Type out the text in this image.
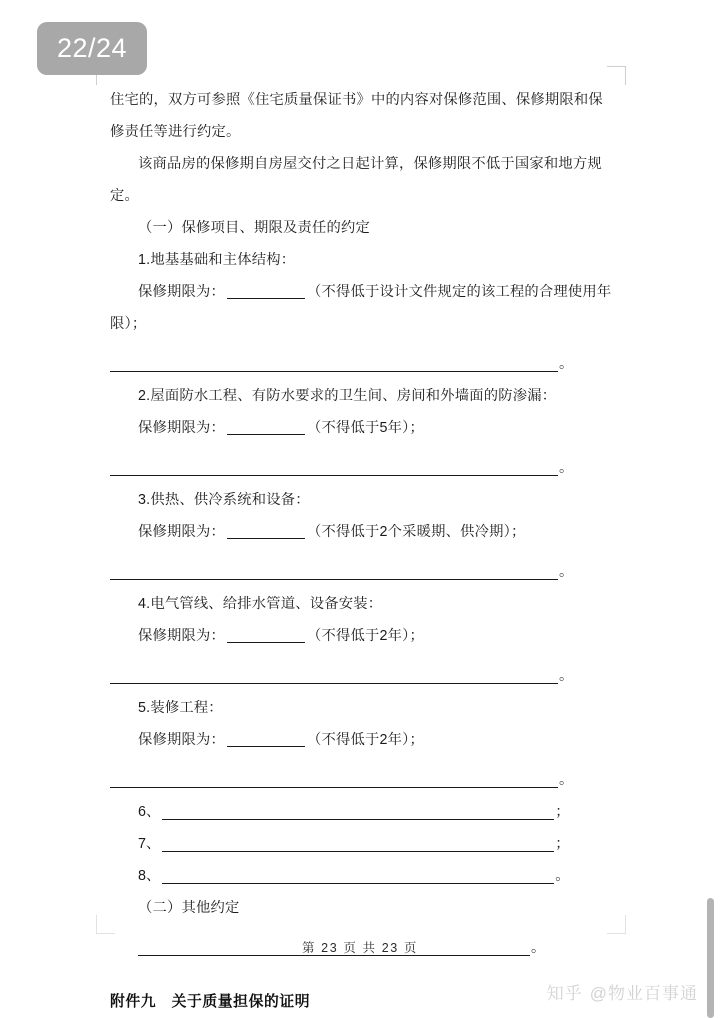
22/24
住宅的，双方可参照《住宅质量保证书》中的内容对保修范围、保修期限和保
修责任等进行约定。
该商品房的保修期自房屋交付之日起计算，保修期限不低于国家和地方规
定。
（一）保修项目、期限及责任的约定
1.地基基础和主体结构：
保修期限为：	（不得低于设计文件规定的该工程的合理使用年
限）；
。
2.屋面防水工程、有防水要求的卫生间、房间和外墙面的防渗漏：
保修期限为：	（不得低于5年）；
。
3.供热、供冷系统和设备：
保修期限为：	（不得低于2个采暖期、供冷期）；
。
4.电气管线、给排水管道、设备安装：
保修期限为：	（不得低于2年）；
。
5.装修工程：
保修期限为：	（不得低于2年）；
。
6、	；
7、	；
8、	。
（二）其他约定
。
附件九　关于质量担保的证明
第 23 页 共 23 页
知乎 @物业百事通
